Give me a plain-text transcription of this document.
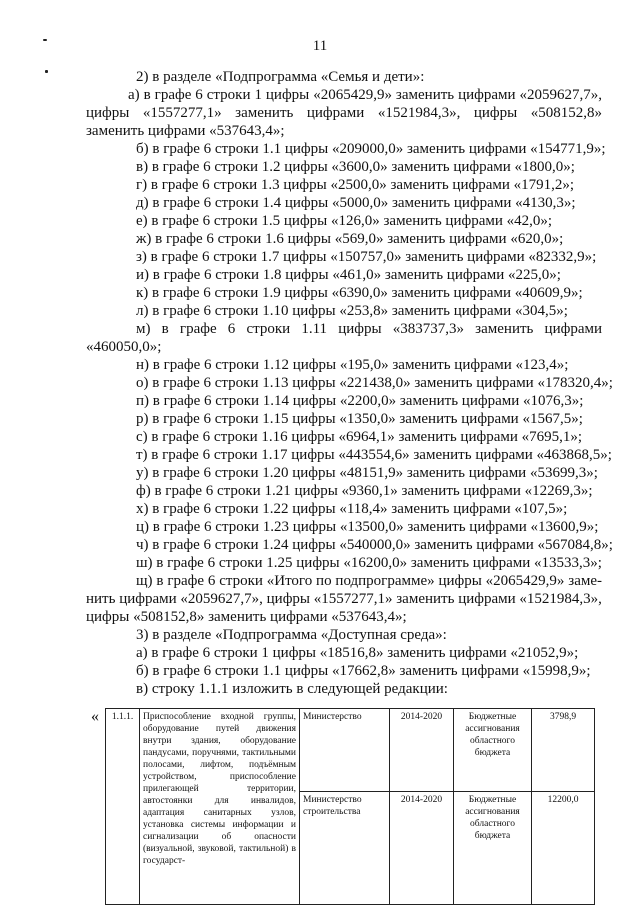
11
2) в разделе «Подпрограмма «Семья и дети»:
а) в графе 6 строки 1 цифры «2065429,9» заменить цифрами «2059627,7»,
цифры «1557277,1» заменить цифрами «1521984,3», цифры «508152,8»
заменить цифрами «537643,4»;
б) в графе 6 строки 1.1 цифры «209000,0» заменить цифрами «154771,9»;
в) в графе 6 строки 1.2 цифры «3600,0» заменить цифрами «1800,0»;
г) в графе 6 строки 1.3 цифры «2500,0» заменить цифрами «1791,2»;
д) в графе 6 строки 1.4 цифры «5000,0» заменить цифрами «4130,3»;
е) в графе 6 строки 1.5 цифры «126,0» заменить цифрами «42,0»;
ж) в графе 6 строки 1.6 цифры «569,0» заменить цифрами «620,0»;
з) в графе 6 строки 1.7 цифры «150757,0» заменить цифрами «82332,9»;
и) в графе 6 строки 1.8 цифры «461,0» заменить цифрами «225,0»;
к) в графе 6 строки 1.9 цифры «6390,0» заменить цифрами «40609,9»;
л) в графе 6 строки 1.10 цифры «253,8» заменить цифрами «304,5»;
м) в графе 6 строки 1.11 цифры «383737,3» заменить цифрами
«460050,0»;
н) в графе 6 строки 1.12 цифры «195,0» заменить цифрами «123,4»;
о) в графе 6 строки 1.13 цифры «221438,0» заменить цифрами «178320,4»;
п) в графе 6 строки 1.14 цифры «2200,0» заменить цифрами «1076,3»;
р) в графе 6 строки 1.15 цифры «1350,0» заменить цифрами «1567,5»;
с) в графе 6 строки 1.16 цифры «6964,1» заменить цифрами «7695,1»;
т) в графе 6 строки 1.17 цифры «443554,6» заменить цифрами «463868,5»;
у) в графе 6 строки 1.20 цифры «48151,9» заменить цифрами «53699,3»;
ф) в графе 6 строки 1.21 цифры «9360,1» заменить цифрами «12269,3»;
х) в графе 6 строки 1.22 цифры «118,4» заменить цифрами «107,5»;
ц) в графе 6 строки 1.23 цифры «13500,0» заменить цифрами «13600,9»;
ч) в графе 6 строки 1.24 цифры «540000,0» заменить цифрами «567084,8»;
ш) в графе 6 строки 1.25 цифры «16200,0» заменить цифрами «13533,3»;
щ) в графе 6 строки «Итого по подпрограмме» цифры «2065429,9» заме-
нить цифрами «2059627,7», цифры «1557277,1» заменить цифрами «1521984,3»,
цифры «508152,8» заменить цифрами «537643,4»;
3) в разделе «Подпрограмма «Доступная среда»:
а) в графе 6 строки 1 цифры «18516,8» заменить цифрами «21052,9»;
б) в графе 6 строки 1.1 цифры «17662,8» заменить цифрами «15998,9»;
в) строку 1.1.1 изложить в следующей редакции:
« 1.1.1.	Приспособление входной группы, оборудование путей движения внутри здания, оборудование пандусами, поручнями, тактильными полосами, лифтом, подъёмным устройством, приспособление прилегающей территории, автостоянки для инвалидов, адаптация санитарных узлов, установка системы информации и сигнализации об опасности (визуальной, звуковой, тактильной) в государст-	Министерство	2014-2020	Бюджетные ассигнования областного бюджета	3798,9
		Министерство строительства	2014-2020	Бюджетные ассигнования областного бюджета	12200,0
